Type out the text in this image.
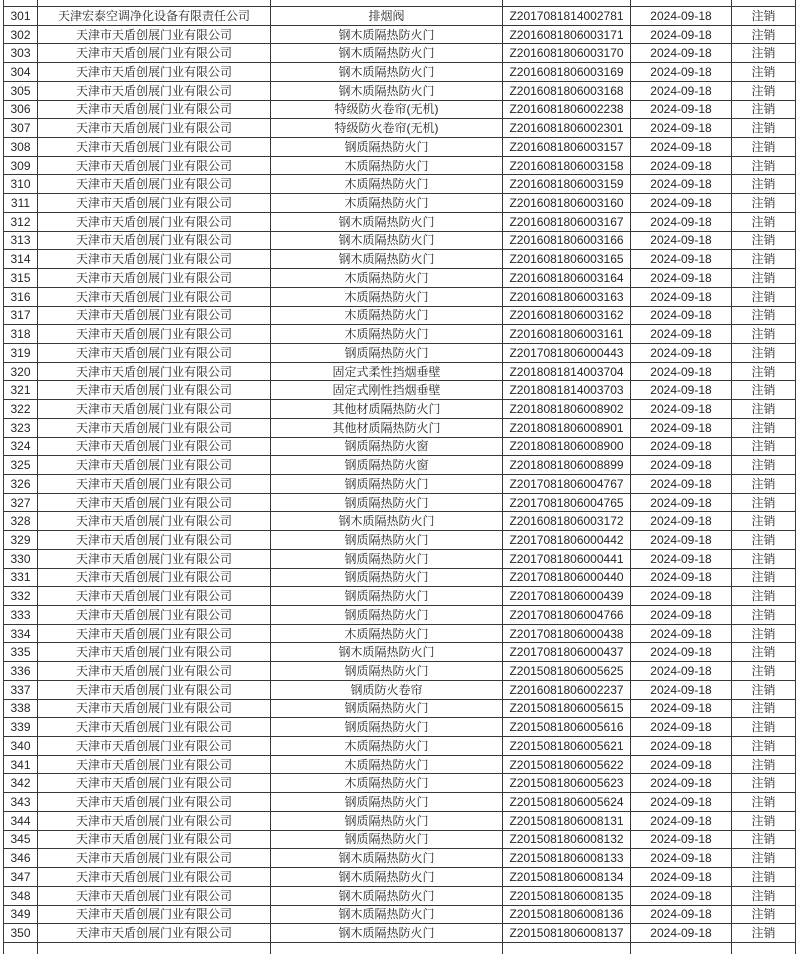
301	天津宏泰空调净化设备有限责任公司	排烟阀	Z2017081814002781	2024-09-18	注销
302	天津市天盾创展门业有限公司	钢木质隔热防火门	Z2016081806003171	2024-09-18	注销
303	天津市天盾创展门业有限公司	钢木质隔热防火门	Z2016081806003170	2024-09-18	注销
304	天津市天盾创展门业有限公司	钢木质隔热防火门	Z2016081806003169	2024-09-18	注销
305	天津市天盾创展门业有限公司	钢木质隔热防火门	Z2016081806003168	2024-09-18	注销
306	天津市天盾创展门业有限公司	特级防火卷帘(无机)	Z2016081806002238	2024-09-18	注销
307	天津市天盾创展门业有限公司	特级防火卷帘(无机)	Z2016081806002301	2024-09-18	注销
308	天津市天盾创展门业有限公司	钢质隔热防火门	Z2016081806003157	2024-09-18	注销
309	天津市天盾创展门业有限公司	木质隔热防火门	Z2016081806003158	2024-09-18	注销
310	天津市天盾创展门业有限公司	木质隔热防火门	Z2016081806003159	2024-09-18	注销
311	天津市天盾创展门业有限公司	木质隔热防火门	Z2016081806003160	2024-09-18	注销
312	天津市天盾创展门业有限公司	钢木质隔热防火门	Z2016081806003167	2024-09-18	注销
313	天津市天盾创展门业有限公司	钢木质隔热防火门	Z2016081806003166	2024-09-18	注销
314	天津市天盾创展门业有限公司	钢木质隔热防火门	Z2016081806003165	2024-09-18	注销
315	天津市天盾创展门业有限公司	木质隔热防火门	Z2016081806003164	2024-09-18	注销
316	天津市天盾创展门业有限公司	木质隔热防火门	Z2016081806003163	2024-09-18	注销
317	天津市天盾创展门业有限公司	木质隔热防火门	Z2016081806003162	2024-09-18	注销
318	天津市天盾创展门业有限公司	木质隔热防火门	Z2016081806003161	2024-09-18	注销
319	天津市天盾创展门业有限公司	钢质隔热防火门	Z2017081806000443	2024-09-18	注销
320	天津市天盾创展门业有限公司	固定式柔性挡烟垂壁	Z2018081814003704	2024-09-18	注销
321	天津市天盾创展门业有限公司	固定式刚性挡烟垂壁	Z2018081814003703	2024-09-18	注销
322	天津市天盾创展门业有限公司	其他材质隔热防火门	Z2018081806008902	2024-09-18	注销
323	天津市天盾创展门业有限公司	其他材质隔热防火门	Z2018081806008901	2024-09-18	注销
324	天津市天盾创展门业有限公司	钢质隔热防火窗	Z2018081806008900	2024-09-18	注销
325	天津市天盾创展门业有限公司	钢质隔热防火窗	Z2018081806008899	2024-09-18	注销
326	天津市天盾创展门业有限公司	钢质隔热防火门	Z2017081806004767	2024-09-18	注销
327	天津市天盾创展门业有限公司	钢质隔热防火门	Z2017081806004765	2024-09-18	注销
328	天津市天盾创展门业有限公司	钢木质隔热防火门	Z2016081806003172	2024-09-18	注销
329	天津市天盾创展门业有限公司	钢质隔热防火门	Z2017081806000442	2024-09-18	注销
330	天津市天盾创展门业有限公司	钢质隔热防火门	Z2017081806000441	2024-09-18	注销
331	天津市天盾创展门业有限公司	钢质隔热防火门	Z2017081806000440	2024-09-18	注销
332	天津市天盾创展门业有限公司	钢质隔热防火门	Z2017081806000439	2024-09-18	注销
333	天津市天盾创展门业有限公司	钢质隔热防火门	Z2017081806004766	2024-09-18	注销
334	天津市天盾创展门业有限公司	木质隔热防火门	Z2017081806000438	2024-09-18	注销
335	天津市天盾创展门业有限公司	钢木质隔热防火门	Z2017081806000437	2024-09-18	注销
336	天津市天盾创展门业有限公司	钢质隔热防火门	Z2015081806005625	2024-09-18	注销
337	天津市天盾创展门业有限公司	钢质防火卷帘	Z2016081806002237	2024-09-18	注销
338	天津市天盾创展门业有限公司	钢质隔热防火门	Z2015081806005615	2024-09-18	注销
339	天津市天盾创展门业有限公司	钢质隔热防火门	Z2015081806005616	2024-09-18	注销
340	天津市天盾创展门业有限公司	木质隔热防火门	Z2015081806005621	2024-09-18	注销
341	天津市天盾创展门业有限公司	木质隔热防火门	Z2015081806005622	2024-09-18	注销
342	天津市天盾创展门业有限公司	木质隔热防火门	Z2015081806005623	2024-09-18	注销
343	天津市天盾创展门业有限公司	钢质隔热防火门	Z2015081806005624	2024-09-18	注销
344	天津市天盾创展门业有限公司	钢质隔热防火门	Z2015081806008131	2024-09-18	注销
345	天津市天盾创展门业有限公司	钢质隔热防火门	Z2015081806008132	2024-09-18	注销
346	天津市天盾创展门业有限公司	钢木质隔热防火门	Z2015081806008133	2024-09-18	注销
347	天津市天盾创展门业有限公司	钢木质隔热防火门	Z2015081806008134	2024-09-18	注销
348	天津市天盾创展门业有限公司	钢木质隔热防火门	Z2015081806008135	2024-09-18	注销
349	天津市天盾创展门业有限公司	钢木质隔热防火门	Z2015081806008136	2024-09-18	注销
350	天津市天盾创展门业有限公司	钢木质隔热防火门	Z2015081806008137	2024-09-18	注销
